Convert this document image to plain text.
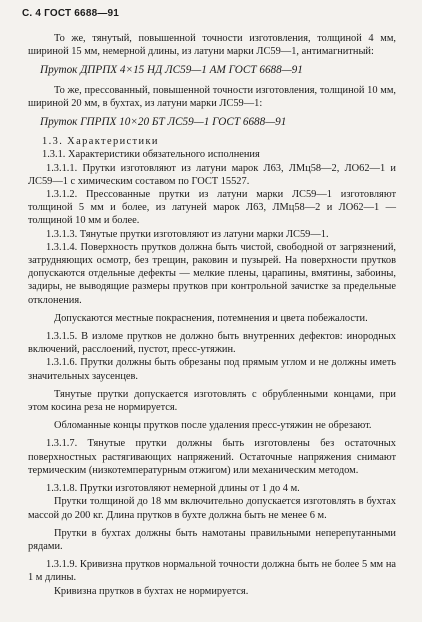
С. 4 ГОСТ 6688—91

То же, тянутый, повышенной точности изготовления, толщиной 4 мм, шириной 15 мм, немерной длины, из латуни марки ЛС59—1, антимагнитный:

Пруток ДПРПХ 4×15 НД ЛС59—1 АМ ГОСТ 6688—91

То же, прессованный, повышенной точности изготовления, толщиной 10 мм, шириной 20 мм, в бухтах, из латуни марки ЛС59—1:

Пруток ГПРПХ 10×20 БТ ЛС59—1 ГОСТ 6688—91

1.3. Характеристики

1.3.1. Характеристики обязательного исполнения

1.3.1.1. Прутки изготовляют из латуни марок Л63, ЛМц58—2, ЛО62—1 и ЛС59—1 с химическим составом по ГОСТ 15527.

1.3.1.2. Прессованные прутки из латуни марки ЛС59—1 изготовляют толщиной 5 мм и более, из латуней марок Л63, ЛМц58—2 и ЛО62—1 — толщиной 10 мм и более.

1.3.1.3. Тянутые прутки изготовляют из латуни марки ЛС59—1.

1.3.1.4. Поверхность прутков должна быть чистой, свободной от загрязнений, затрудняющих осмотр, без трещин, раковин и пузырей. На поверхности прутков допускаются отдельные дефекты — мелкие плены, царапины, вмятины, забоины, задиры, не выводящие размеры прутков при контрольной зачистке за предельные отклонения.

Допускаются местные покраснения, потемнения и цвета побежалости.

1.3.1.5. В изломе прутков не должно быть внутренних дефектов: инородных включений, расслоений, пустот, пресс-утяжин.

1.3.1.6. Прутки должны быть обрезаны под прямым углом и не должны иметь значительных заусенцев.

Тянутые прутки допускается изготовлять с обрубленными концами, при этом косина реза не нормируется.

Обломанные концы прутков после удаления пресс-утяжин не обрезают.

1.3.1.7. Тянутые прутки должны быть изготовлены без остаточных поверхностных растягивающих напряжений. Остаточные напряжения снимают термическим (низкотемпературным отжигом) или механическим методом.

1.3.1.8. Прутки изготовляют немерной длины от 1 до 4 м.

Прутки толщиной до 18 мм включительно допускается изготовлять в бухтах массой до 200 кг. Длина прутков в бухте должна быть не менее 6 м.

Прутки в бухтах должны быть намотаны правильными неперепутанными рядами.

1.3.1.9. Кривизна прутков нормальной точности должна быть не более 5 мм на 1 м длины.

Кривизна прутков в бухтах не нормируется.
